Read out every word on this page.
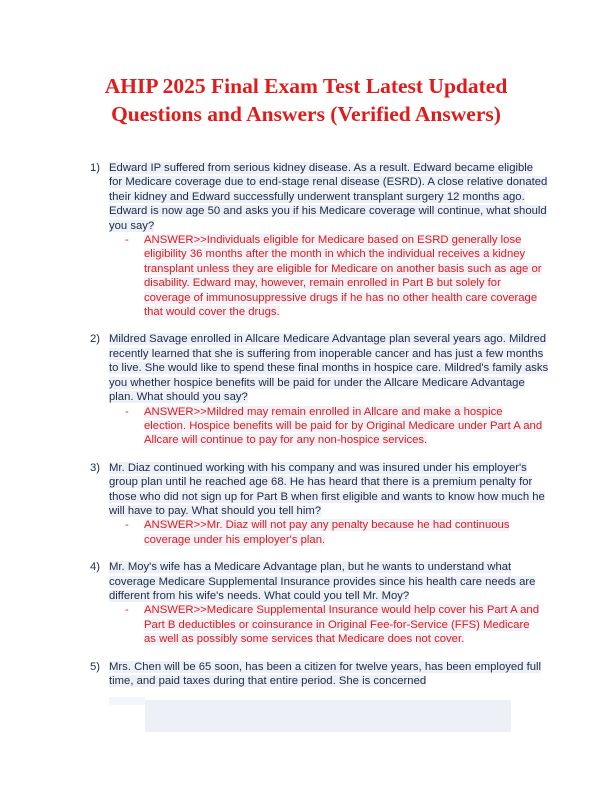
AHIP 2025 Final Exam Test Latest Updated
Questions and Answers (Verified Answers)
1) Edward IP suffered from serious kidney disease. As a result. Edward became eligible for Medicare coverage due to end-stage renal disease (ESRD). A close relative donated their kidney and Edward successfully underwent transplant surgery 12 months ago. Edward is now age 50 and asks you if his Medicare coverage will continue, what should you say?
- ANSWER>>Individuals eligible for Medicare based on ESRD generally lose eligibility 36 months after the month in which the individual receives a kidney transplant unless they are eligible for Medicare on another basis such as age or disability. Edward may, however, remain enrolled in Part B but solely for coverage of immunosuppressive drugs if he has no other health care coverage that would cover the drugs.
2) Mildred Savage enrolled in Allcare Medicare Advantage plan several years ago. Mildred recently learned that she is suffering from inoperable cancer and has just a few months to live. She would like to spend these final months in hospice care. Mildred's family asks you whether hospice benefits will be paid for under the Allcare Medicare Advantage plan. What should you say?
- ANSWER>>Mildred may remain enrolled in Allcare and make a hospice election. Hospice benefits will be paid for by Original Medicare under Part A and Allcare will continue to pay for any non-hospice services.
3) Mr. Diaz continued working with his company and was insured under his employer's group plan until he reached age 68. He has heard that there is a premium penalty for those who did not sign up for Part B when first eligible and wants to know how much he will have to pay. What should you tell him?
- ANSWER>>Mr. Diaz will not pay any penalty because he had continuous coverage under his employer's plan.
4) Mr. Moy's wife has a Medicare Advantage plan, but he wants to understand what coverage Medicare Supplemental Insurance provides since his health care needs are different from his wife's needs. What could you tell Mr. Moy?
- ANSWER>>Medicare Supplemental Insurance would help cover his Part A and Part B deductibles or coinsurance in Original Fee-for-Service (FFS) Medicare as well as possibly some services that Medicare does not cover.
5) Mrs. Chen will be 65 soon, has been a citizen for twelve years, has been employed full time, and paid taxes during that entire period. She is concerned
